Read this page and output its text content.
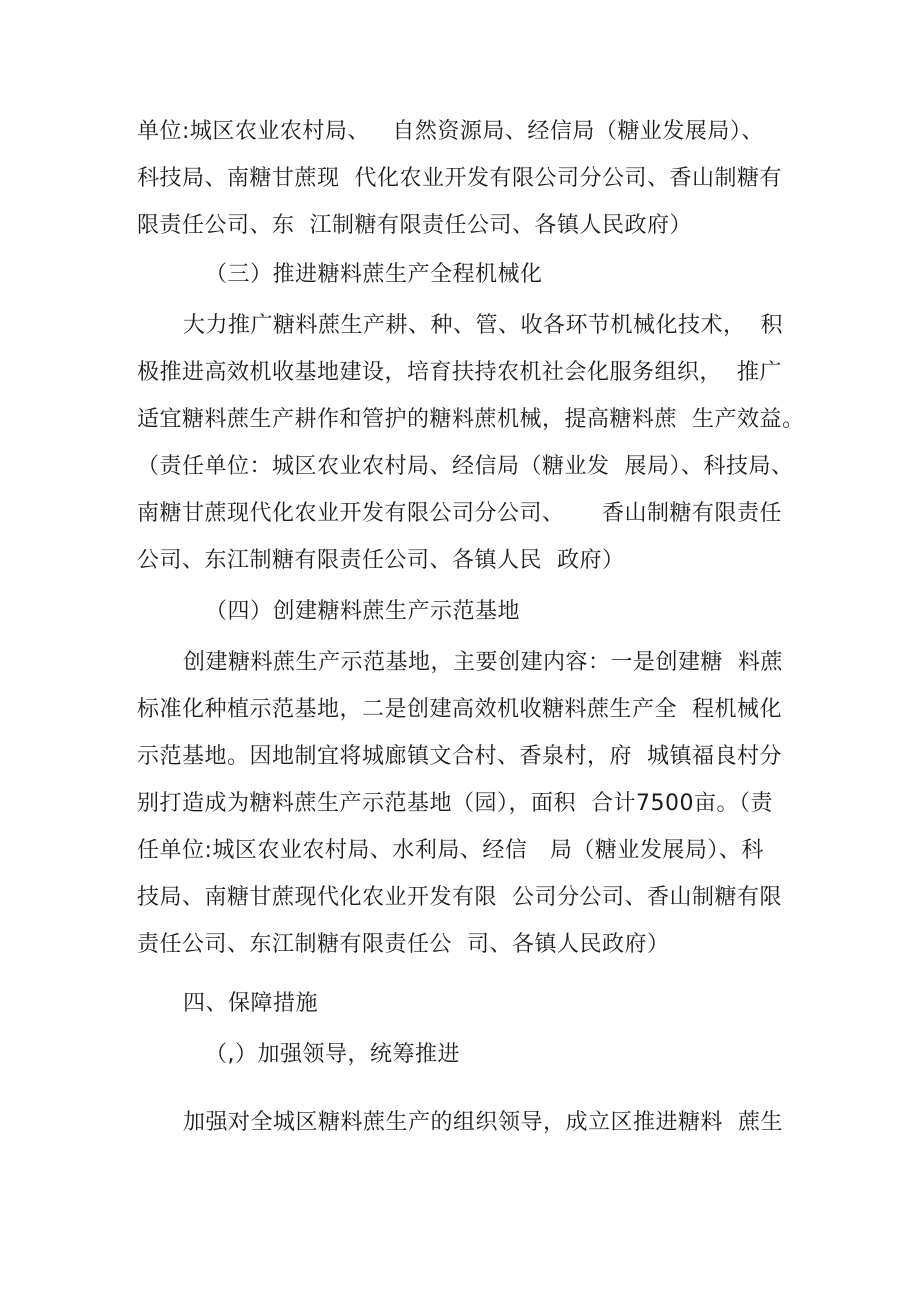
单位:城区农业农村局、   自然资源局、经信局（糖业发展局）、
科技局、南糖甘蔗现  代化农业开发有限公司分公司、香山制糖有
限责任公司、东  江制糖有限责任公司、各镇人民政府）
（三）推进糖料蔗生产全程机械化
大力推广糖料蔗生产耕、种、管、收各环节机械化技术，  积
极推进高效机收基地建设，培育扶持农机社会化服务组织，  推广
适宜糖料蔗生产耕作和管护的糖料蔗机械，提高糖料蔗  生产效益。
（责任单位：城区农业农村局、经信局（糖业发  展局）、科技局、
南糖甘蔗现代化农业开发有限公司分公司、     香山制糖有限责任
公司、东江制糖有限责任公司、各镇人民  政府）
（四）创建糖料蔗生产示范基地
创建糖料蔗生产示范基地，主要创建内容：一是创建糖  料蔗
标准化种植示范基地，二是创建高效机收糖料蔗生产全  程机械化
示范基地。因地制宜将城廊镇文合村、香泉村，府  城镇福良村分
别打造成为糖料蔗生产示范基地（园），面积  合计7500亩。（责
任单位:城区农业农村局、水利局、经信   局（糖业发展局）、科
技局、南糖甘蔗现代化农业开发有限  公司分公司、香山制糖有限
责任公司、东江制糖有限责任公  司、各镇人民政府）
四、保障措施
（,）加强领导，统筹推进
加强对全城区糖料蔗生产的组织领导，成立区推进糖料  蔗生
